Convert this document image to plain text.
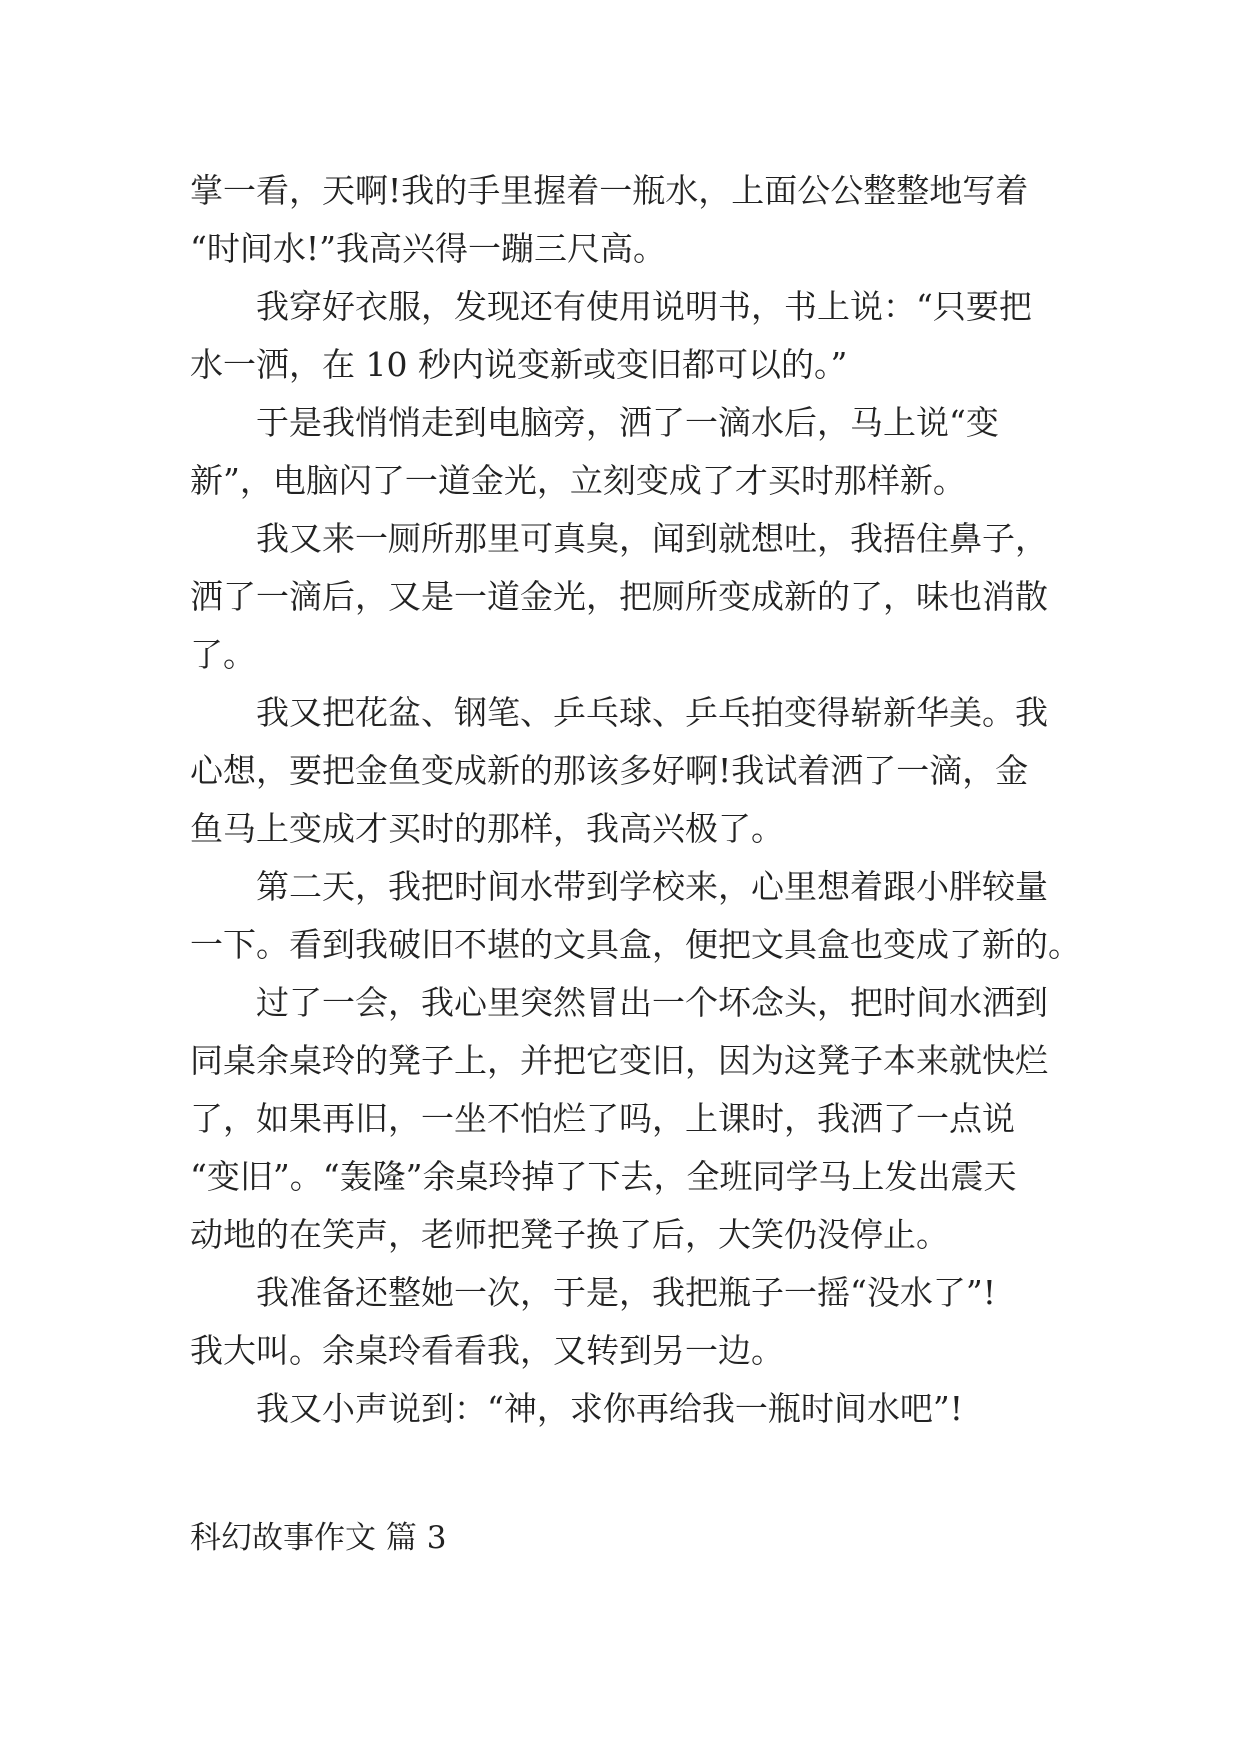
掌一看，天啊!我的手里握着一瓶水，上面公公整整地写着
“时间水!”我高兴得一蹦三尺高。
　　我穿好衣服，发现还有使用说明书，书上说：“只要把
水一洒，在 10 秒内说变新或变旧都可以的。”
　　于是我悄悄走到电脑旁，洒了一滴水后，马上说“变
新”，电脑闪了一道金光，立刻变成了才买时那样新。
　　我又来一厕所那里可真臭，闻到就想吐，我捂住鼻子，
洒了一滴后，又是一道金光，把厕所变成新的了，味也消散
了。
　　我又把花盆、钢笔、乒乓球、乒乓拍变得崭新华美。我
心想，要把金鱼变成新的那该多好啊!我试着洒了一滴，金
鱼马上变成才买时的那样，我高兴极了。
　　第二天，我把时间水带到学校来，心里想着跟小胖较量
一下。看到我破旧不堪的文具盒，便把文具盒也变成了新的。
　　过了一会，我心里突然冒出一个坏念头，把时间水洒到
同桌余桌玲的凳子上，并把它变旧，因为这凳子本来就快烂
了，如果再旧，一坐不怕烂了吗，上课时，我洒了一点说
“变旧”。“轰隆”余桌玲掉了下去，全班同学马上发出震天
动地的在笑声，老师把凳子换了后，大笑仍没停止。
　　我准备还整她一次，于是，我把瓶子一摇“没水了”!
我大叫。余桌玲看看我，又转到另一边。
　　我又小声说到：“神，求你再给我一瓶时间水吧”!
科幻故事作文 篇 3
